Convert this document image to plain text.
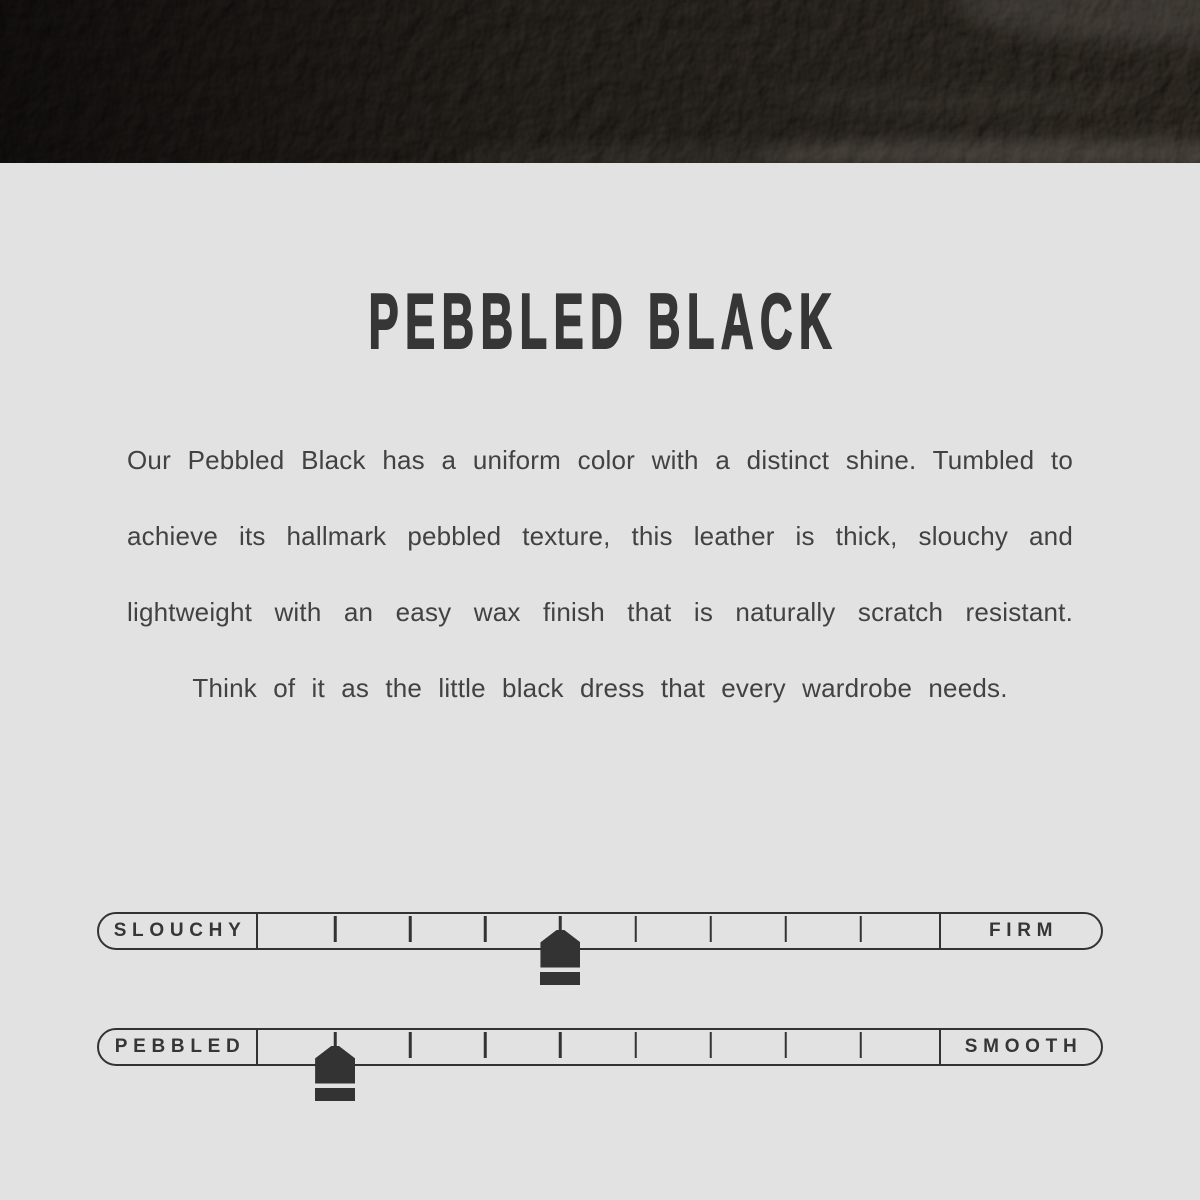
PEBBLED BLACK
Our Pebbled Black has a uniform color with a distinct shine. Tumbled to
achieve its hallmark pebbled texture, this leather is thick, slouchy and
lightweight with an easy wax finish that is naturally scratch resistant.
Think of it as the little black dress that every wardrobe needs.
SLOUCHY	FIRM
PEBBLED	SMOOTH
